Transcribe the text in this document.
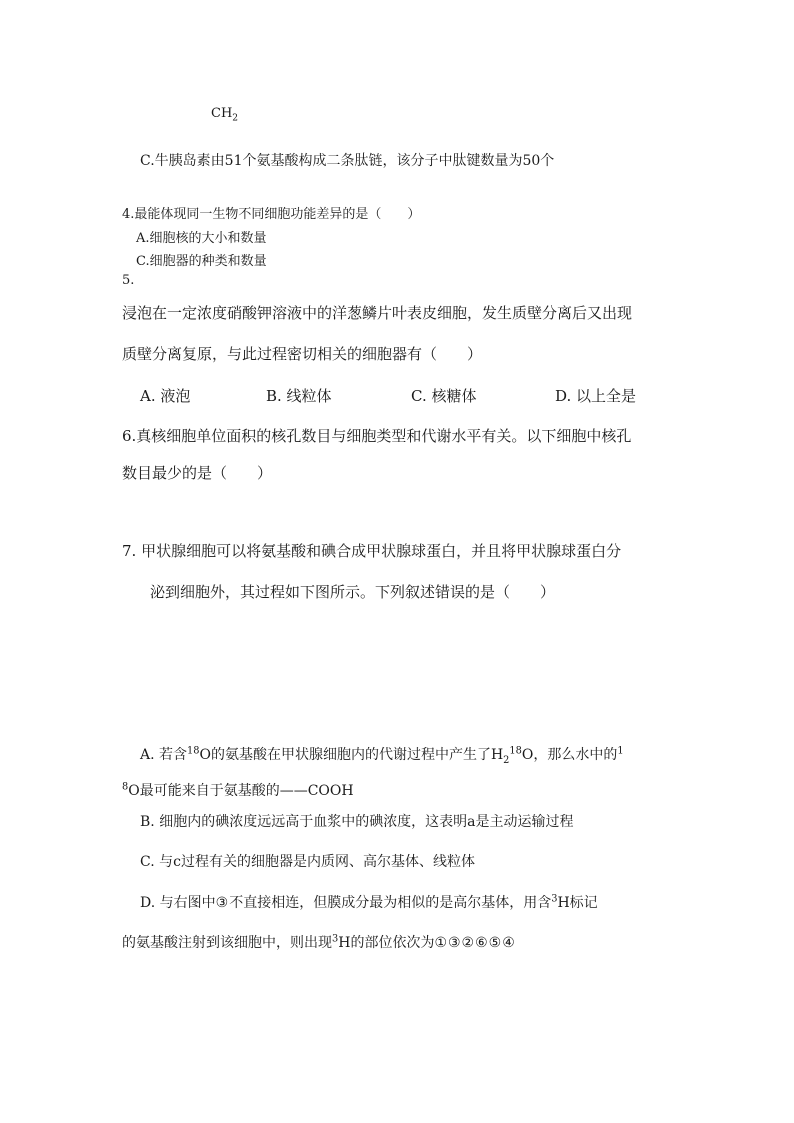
$CH_2$
C.牛胰岛素由51个氨基酸构成二条肽链，该分子中肽键数量为50个
4.最能体现同一生物不同细胞功能差异的是（　　）
A.细胞核的大小和数量
C.细胞器的种类和数量
5.
浸泡在一定浓度硝酸钾溶液中的洋葱鳞片叶表皮细胞，发生质壁分离后又出现
质壁分离复原，与此过程密切相关的细胞器有（　　）
A. 液泡	B. 线粒体	C. 核糖体	D. 以上全是
6.真核细胞单位面积的核孔数目与细胞类型和代谢水平有关。以下细胞中核孔
数目最少的是（　　）
7. 甲状腺细胞可以将氨基酸和碘合成甲状腺球蛋白，并且将甲状腺球蛋白分
泌到细胞外，其过程如下图所示。下列叙述错误的是（　　）
A. 若含$^{18}$O的氨基酸在甲状腺细胞内的代谢过程中产生了$H_2^{18}O$，那么水中的$^1$
$^8$O最可能来自于氨基酸的——COOH
B. 细胞内的碘浓度远远高于血浆中的碘浓度，这表明a是主动运输过程
C. 与c过程有关的细胞器是内质网、高尔基体、线粒体
D. 与右图中③不直接相连，但膜成分最为相似的是高尔基体，用含$^3$H标记
的氨基酸注射到该细胞中，则出现$^3$H的部位依次为①③②⑥⑤④
